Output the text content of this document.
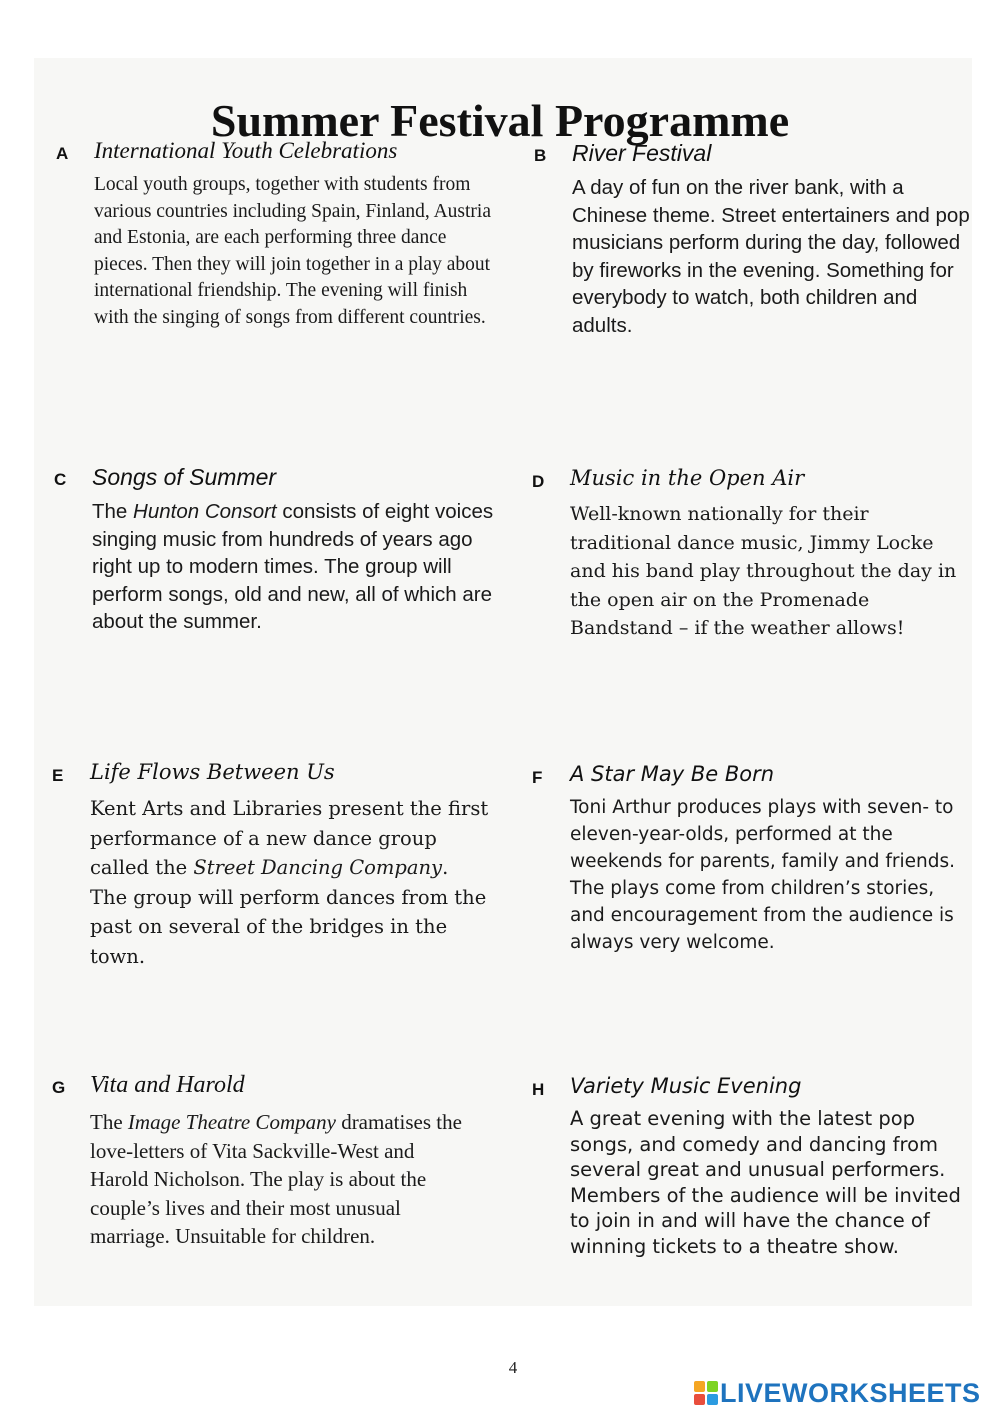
Summer Festival Programme
A International Youth Celebrations

Local youth groups, together with students from various countries including Spain, Finland, Austria and Estonia, are each performing three dance pieces. Then they will join together in a play about international friendship. The evening will finish with the singing of songs from different countries.

B River Festival

A day of fun on the river bank, with a Chinese theme. Street entertainers and pop musicians perform during the day, followed by fireworks in the evening. Something for everybody to watch, both children and adults.

C Songs of Summer

The Hunton Consort consists of eight voices singing music from hundreds of years ago right up to modern times. The group will perform songs, old and new, all of which are about the summer.

D Music in the Open Air

Well-known nationally for their traditional dance music, Jimmy Locke and his band play throughout the day in the open air on the Promenade Bandstand – if the weather allows!

E Life Flows Between Us

Kent Arts and Libraries present the first performance of a new dance group called the Street Dancing Company. The group will perform dances from the past on several of the bridges in the town.

F A Star May Be Born

Toni Arthur produces plays with seven- to eleven-year-olds, performed at the weekends for parents, family and friends. The plays come from children’s stories, and encouragement from the audience is always very welcome.

G Vita and Harold

The Image Theatre Company dramatises the love-letters of Vita Sackville-West and Harold Nicholson. The play is about the couple’s lives and their most unusual marriage. Unsuitable for children.

H Variety Music Evening

A great evening with the latest pop songs, and comedy and dancing from several great and unusual performers. Members of the audience will be invited to join in and will have the chance of winning tickets to a theatre show.

4
LIVEWORKSHEETS
